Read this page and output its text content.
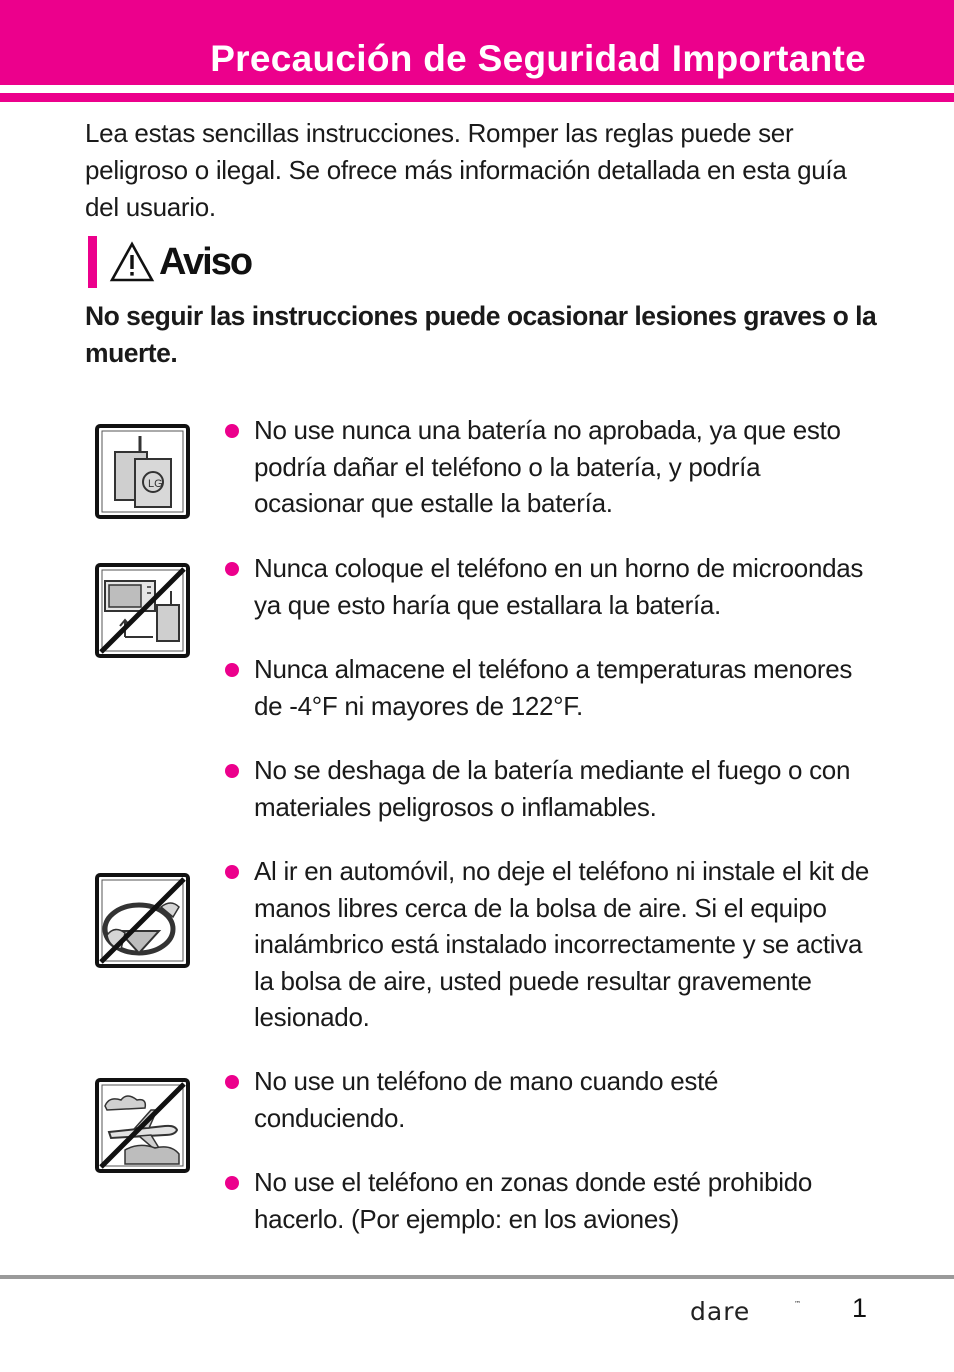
Precaución de Seguridad Importante
Lea estas sencillas instrucciones. Romper las reglas puede ser peligroso o ilegal. Se ofrece más información detallada en esta guía del usuario.
Aviso
No seguir las instrucciones puede ocasionar lesiones graves o la muerte.
LG
No use nunca una batería no aprobada, ya que esto podría dañar el teléfono o la batería, y podría ocasionar que estalle la batería.
Nunca coloque el teléfono en un horno de microondas ya que esto haría que estallara la batería.
Nunca almacene el teléfono a temperaturas menores de -4°F ni mayores de 122°F.
No se deshaga de la batería mediante el fuego o con materiales peligrosos o inflamables.
Al ir en automóvil, no deje el teléfono ni instale el kit de manos libres cerca de la bolsa de aire. Si el equipo inalámbrico está instalado incorrectamente y se activa la bolsa de aire, usted puede resultar gravemente lesionado.
No use un teléfono de mano cuando esté conduciendo.
No use el teléfono en zonas donde esté prohibido hacerlo. (Por ejemplo: en los aviones)
dare	™ 1
